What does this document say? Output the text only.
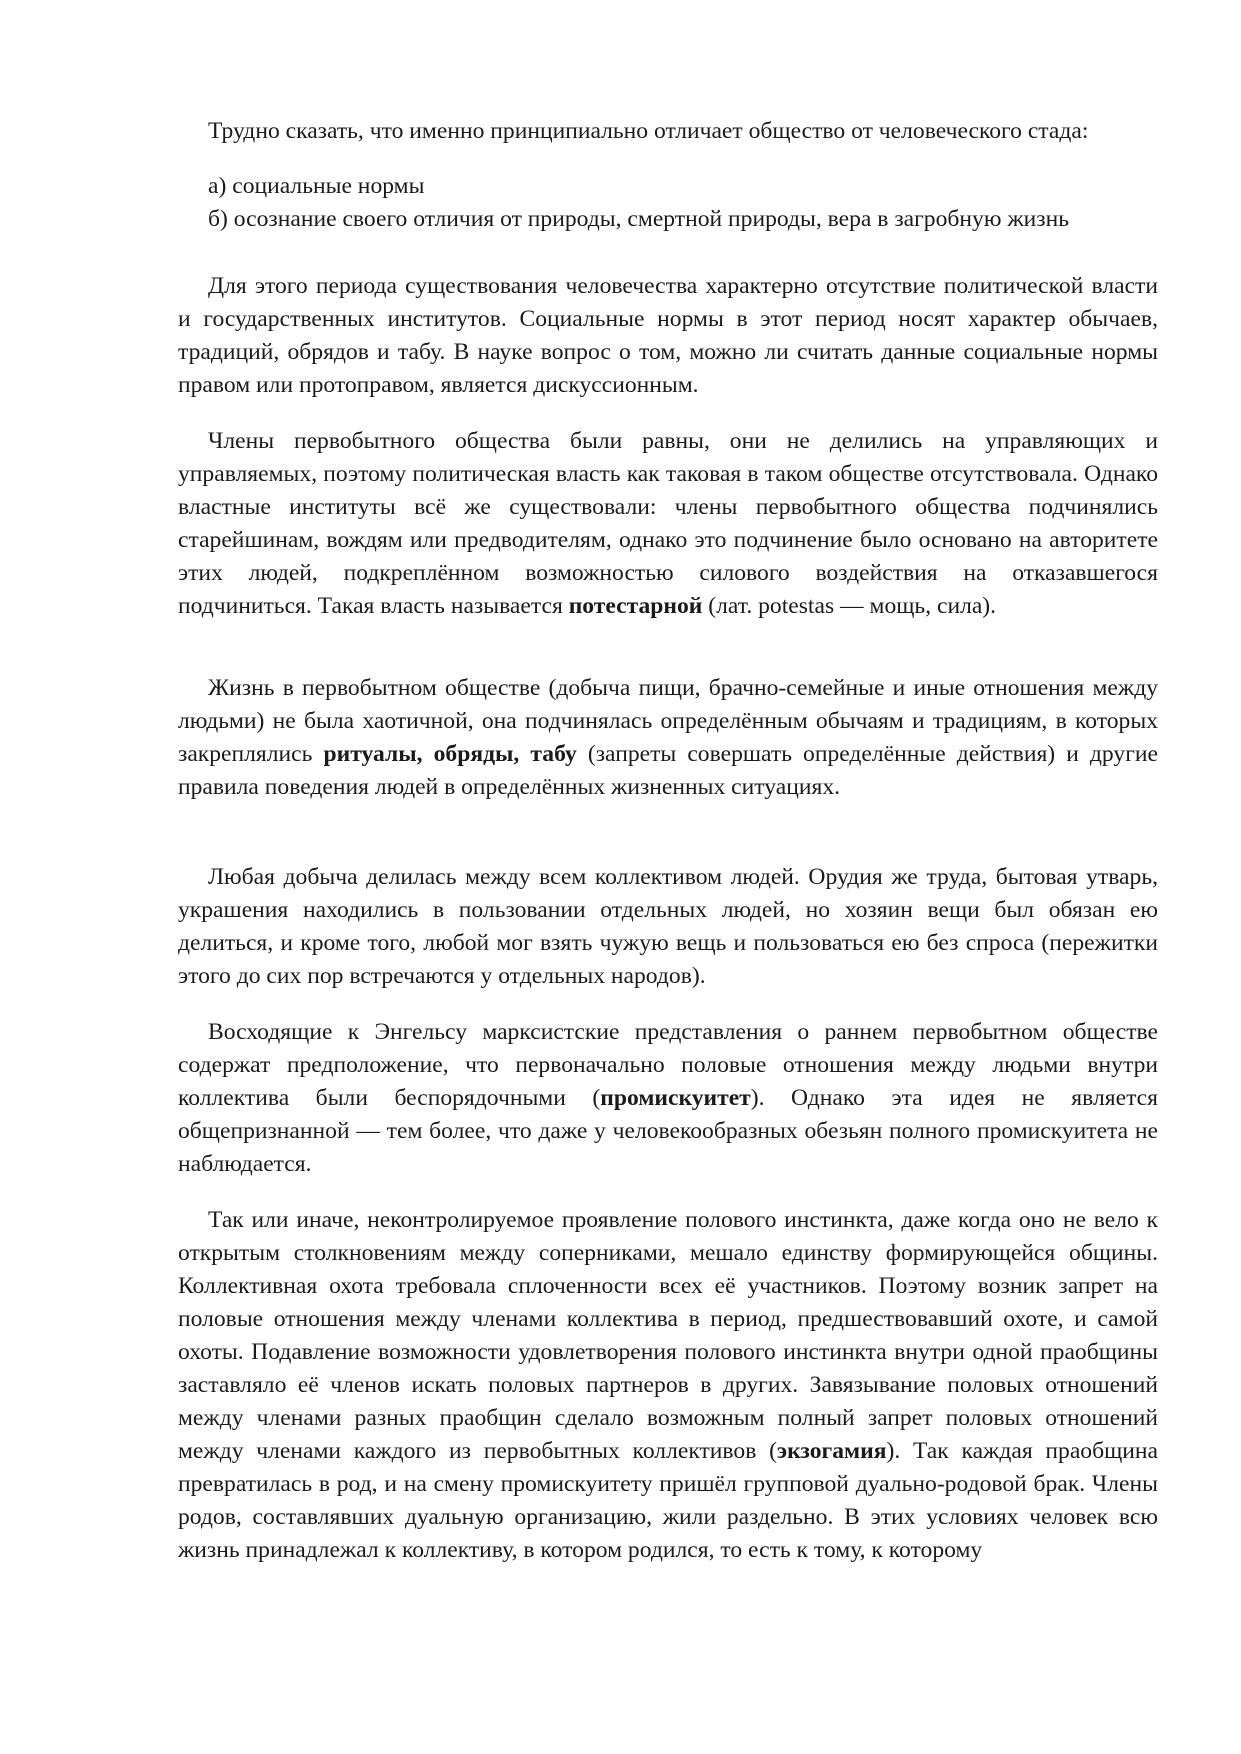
Трудно сказать, что именно принципиально отличает общество от человеческого стада:
а) социальные нормы
б) осознание своего отличия от природы, смертной природы, вера в загробную жизнь

Для этого периода существования человечества характерно отсутствие политической власти и государственных институтов. Социальные нормы в этот период носят характер обычаев, традиций, обрядов и табу. В науке вопрос о том, можно ли считать данные социальные нормы правом или протоправом, является дискуссионным.

Члены первобытного общества были равны, они не делились на управляющих и управляемых, поэтому политическая власть как таковая в таком обществе отсутствовала. Однако властные институты всё же существовали: члены первобытного общества подчинялись старейшинам, вождям или предводителям, однако это подчинение было основано на авторитете этих людей, подкреплённом возможностью силового воздействия на отказавшегося подчиниться. Такая власть называется потестарной (лат. potestas — мощь, сила).

Жизнь в первобытном обществе (добыча пищи, брачно-семейные и иные отношения между людьми) не была хаотичной, она подчинялась определённым обычаям и традициям, в которых закреплялись ритуалы, обряды, табу (запреты совершать определённые действия) и другие правила поведения людей в определённых жизненных ситуациях.

Любая добыча делилась между всем коллективом людей. Орудия же труда, бытовая утварь, украшения находились в пользовании отдельных людей, но хозяин вещи был обязан ею делиться, и кроме того, любой мог взять чужую вещь и пользоваться ею без спроса (пережитки этого до сих пор встречаются у отдельных народов).

Восходящие к Энгельсу марксистские представления о раннем первобытном обществе содержат предположение, что первоначально половые отношения между людьми внутри коллектива были беспорядочными (промискуитет). Однако эта идея не является общепризнанной — тем более, что даже у человекообразных обезьян полного промискуитета не наблюдается.

Так или иначе, неконтролируемое проявление полового инстинкта, даже когда оно не вело к открытым столкновениям между соперниками, мешало единству формирующейся общины. Коллективная охота требовала сплоченности всех её участников. Поэтому возник запрет на половые отношения между членами коллектива в период, предшествовавший охоте, и самой охоты. Подавление возможности удовлетворения полового инстинкта внутри одной праобщины заставляло её членов искать половых партнеров в других. Завязывание половых отношений между членами разных праобщин сделало возможным полный запрет половых отношений между членами каждого из первобытных коллективов (экзогамия). Так каждая праобщина превратилась в род, и на смену промискуитету пришёл групповой дуально-родовой брак. Члены родов, составлявших дуальную организацию, жили раздельно. В этих условиях человек всю жизнь принадлежал к коллективу, в котором родился, то есть к тому, к которому
